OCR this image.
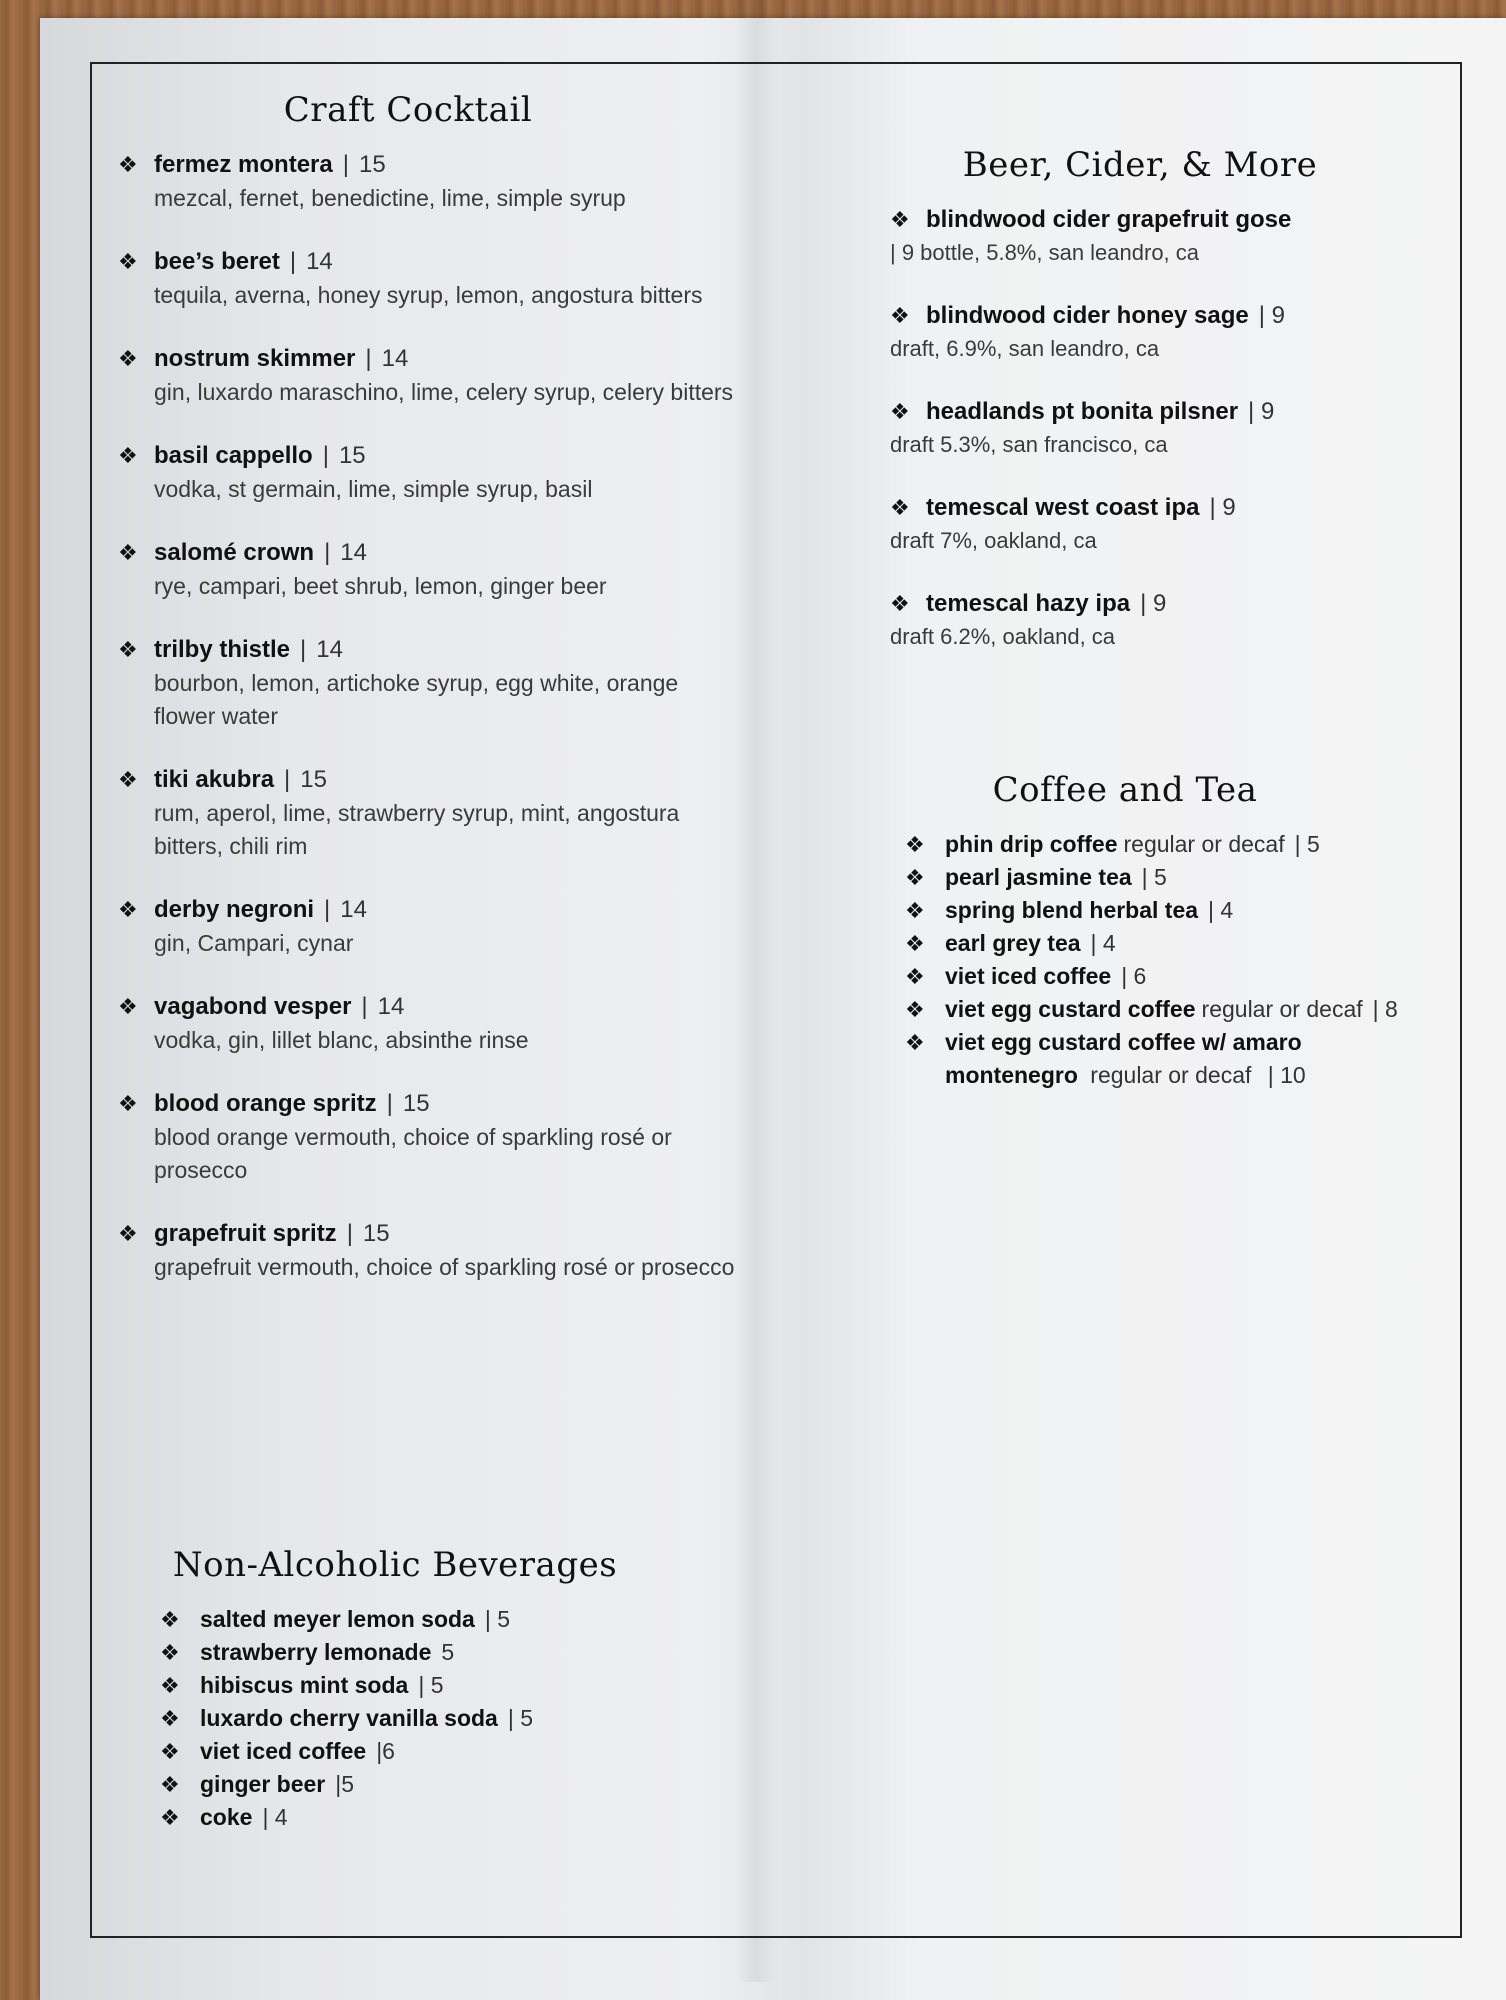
Craft Cocktail
❖ fermez montera | 15
mezcal, fernet, benedictine, lime, simple syrup
❖ bee’s beret | 14
tequila, averna, honey syrup, lemon, angostura bitters
❖ nostrum skimmer | 14
gin, luxardo maraschino, lime, celery syrup, celery bitters
❖ basil cappello | 15
vodka, st germain, lime, simple syrup, basil
❖ salomé crown | 14
rye, campari, beet shrub, lemon, ginger beer
❖ trilby thistle | 14
bourbon, lemon, artichoke syrup, egg white, orange flower water
❖ tiki akubra | 15
rum, aperol, lime, strawberry syrup, mint, angostura bitters, chili rim
❖ derby negroni | 14
gin, Campari, cynar
❖ vagabond vesper | 14
vodka, gin, lillet blanc, absinthe rinse
❖ blood orange spritz | 15
blood orange vermouth, choice of sparkling rosé or prosecco
❖ grapefruit spritz | 15
grapefruit vermouth, choice of sparkling rosé or prosecco
Non-Alcoholic Beverages
❖ salted meyer lemon soda | 5
❖ strawberry lemonade 5
❖ hibiscus mint soda | 5
❖ luxardo cherry vanilla soda | 5
❖ viet iced coffee |6
❖ ginger beer |5
❖ coke | 4
Beer, Cider, & More
❖ blindwood cider grapefruit gose
| 9 bottle, 5.8%, san leandro, ca
❖ blindwood cider honey sage | 9
draft, 6.9%, san leandro, ca
❖ headlands pt bonita pilsner | 9
draft 5.3%, san francisco, ca
❖ temescal west coast ipa | 9
draft 7%, oakland, ca
❖ temescal hazy ipa | 9
draft 6.2%, oakland, ca
Coffee and Tea
❖ phin drip coffee regular or decaf | 5
❖ pearl jasmine tea | 5
❖ spring blend herbal tea | 4
❖ earl grey tea | 4
❖ viet iced coffee | 6
❖ viet egg custard coffee regular or decaf | 8
❖ viet egg custard coffee w/ amaro
montenegro regular or decaf | 10
